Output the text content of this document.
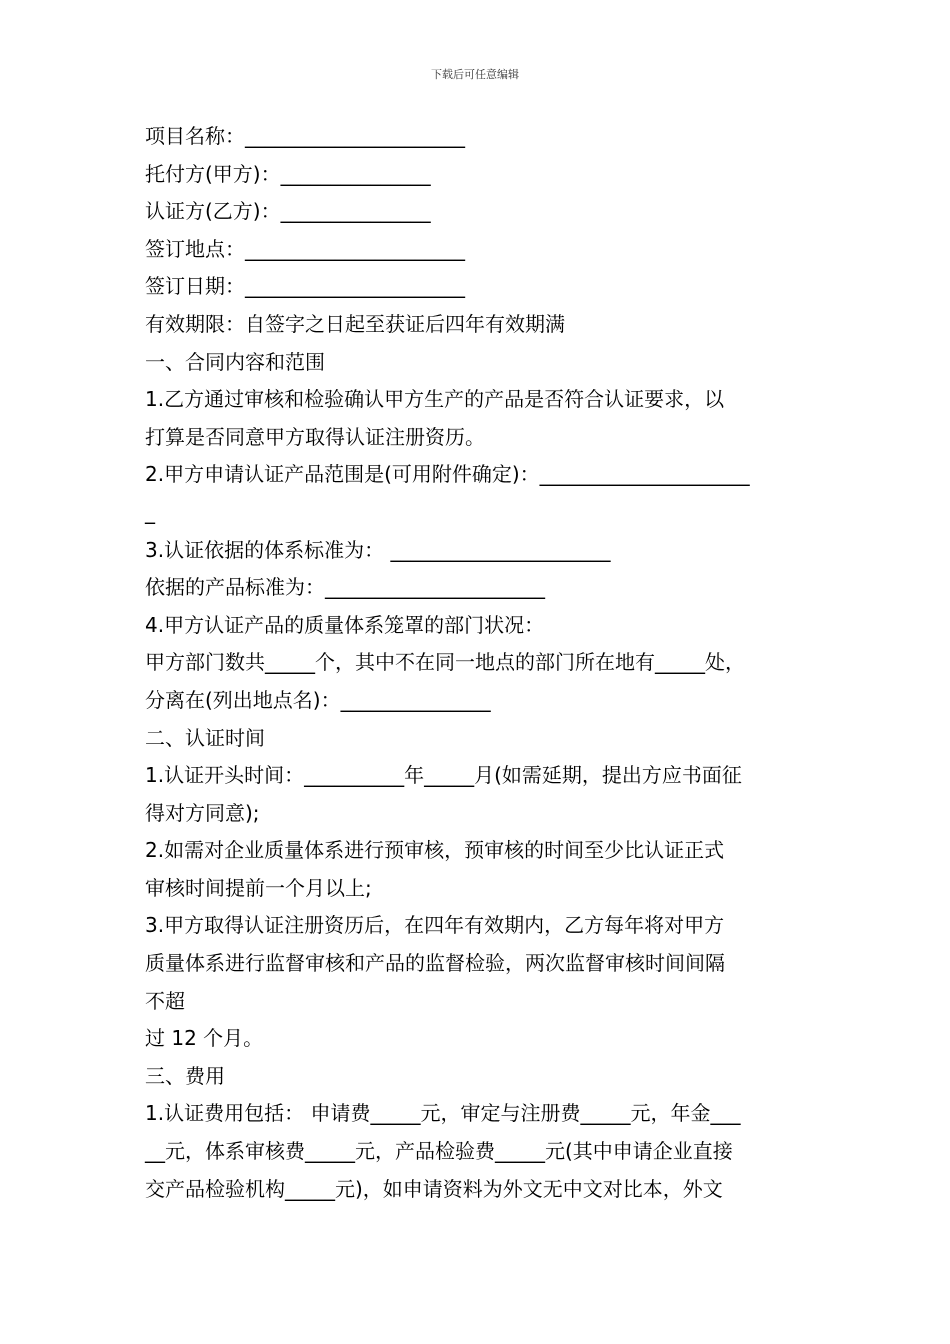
下载后可任意编辑
项目名称：______________________
托付方(甲方)：_______________
认证方(乙方)：_______________
签订地点：______________________
签订日期：______________________
有效期限：自签字之日起至获证后四年有效期满
一、合同内容和范围
1.乙方通过审核和检验确认甲方生产的产品是否符合认证要求，以
打算是否同意甲方取得认证注册资历。
2.甲方申请认证产品范围是(可用附件确定)：_____________________
_
3.认证依据的体系标准为： ______________________
依据的产品标准为：______________________
4.甲方认证产品的质量体系笼罩的部门状况：
甲方部门数共_____个，其中不在同一地点的部门所在地有_____处，
分离在(列出地点名)：_______________
二、认证时间
1.认证开头时间：__________年_____月(如需延期，提出方应书面征
得对方同意);
2.如需对企业质量体系进行预审核，预审核的时间至少比认证正式
审核时间提前一个月以上;
3.甲方取得认证注册资历后，在四年有效期内，乙方每年将对甲方
质量体系进行监督审核和产品的监督检验，两次监督审核时间间隔
不超
过 12 个月。
三、费用
1.认证费用包括： 申请费_____元，审定与注册费_____元，年金___
__元，体系审核费_____元，产品检验费_____元(其中申请企业直接
交产品检验机构_____元)，如申请资料为外文无中文对比本，外文
